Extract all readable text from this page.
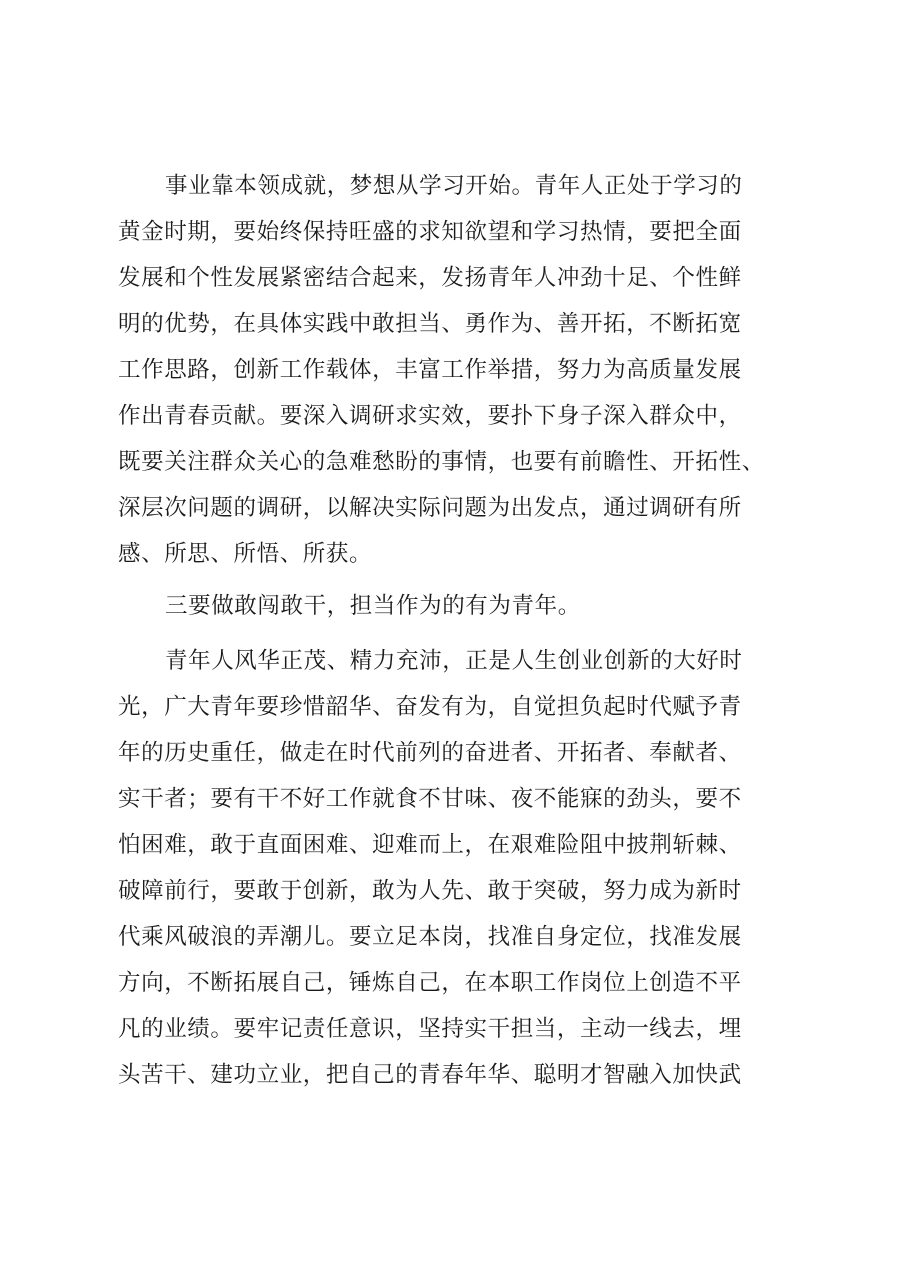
事业靠本领成就，梦想从学习开始。青年人正处于学习的
黄金时期，要始终保持旺盛的求知欲望和学习热情，要把全面
发展和个性发展紧密结合起来，发扬青年人冲劲十足、个性鲜
明的优势，在具体实践中敢担当、勇作为、善开拓，不断拓宽
工作思路，创新工作载体，丰富工作举措，努力为高质量发展
作出青春贡献。要深入调研求实效，要扑下身子深入群众中，
既要关注群众关心的急难愁盼的事情，也要有前瞻性、开拓性、
深层次问题的调研，以解决实际问题为出发点，通过调研有所
感、所思、所悟、所获。
三要做敢闯敢干，担当作为的有为青年。
青年人风华正茂、精力充沛，正是人生创业创新的大好时
光，广大青年要珍惜韶华、奋发有为，自觉担负起时代赋予青
年的历史重任，做走在时代前列的奋进者、开拓者、奉献者、
实干者；要有干不好工作就食不甘味、夜不能寐的劲头，要不
怕困难，敢于直面困难、迎难而上，在艰难险阻中披荆斩棘、
破障前行，要敢于创新，敢为人先、敢于突破，努力成为新时
代乘风破浪的弄潮儿。要立足本岗，找准自身定位，找准发展
方向，不断拓展自己，锤炼自己，在本职工作岗位上创造不平
凡的业绩。要牢记责任意识，坚持实干担当，主动一线去，埋
头苦干、建功立业，把自己的青春年华、聪明才智融入加快武
